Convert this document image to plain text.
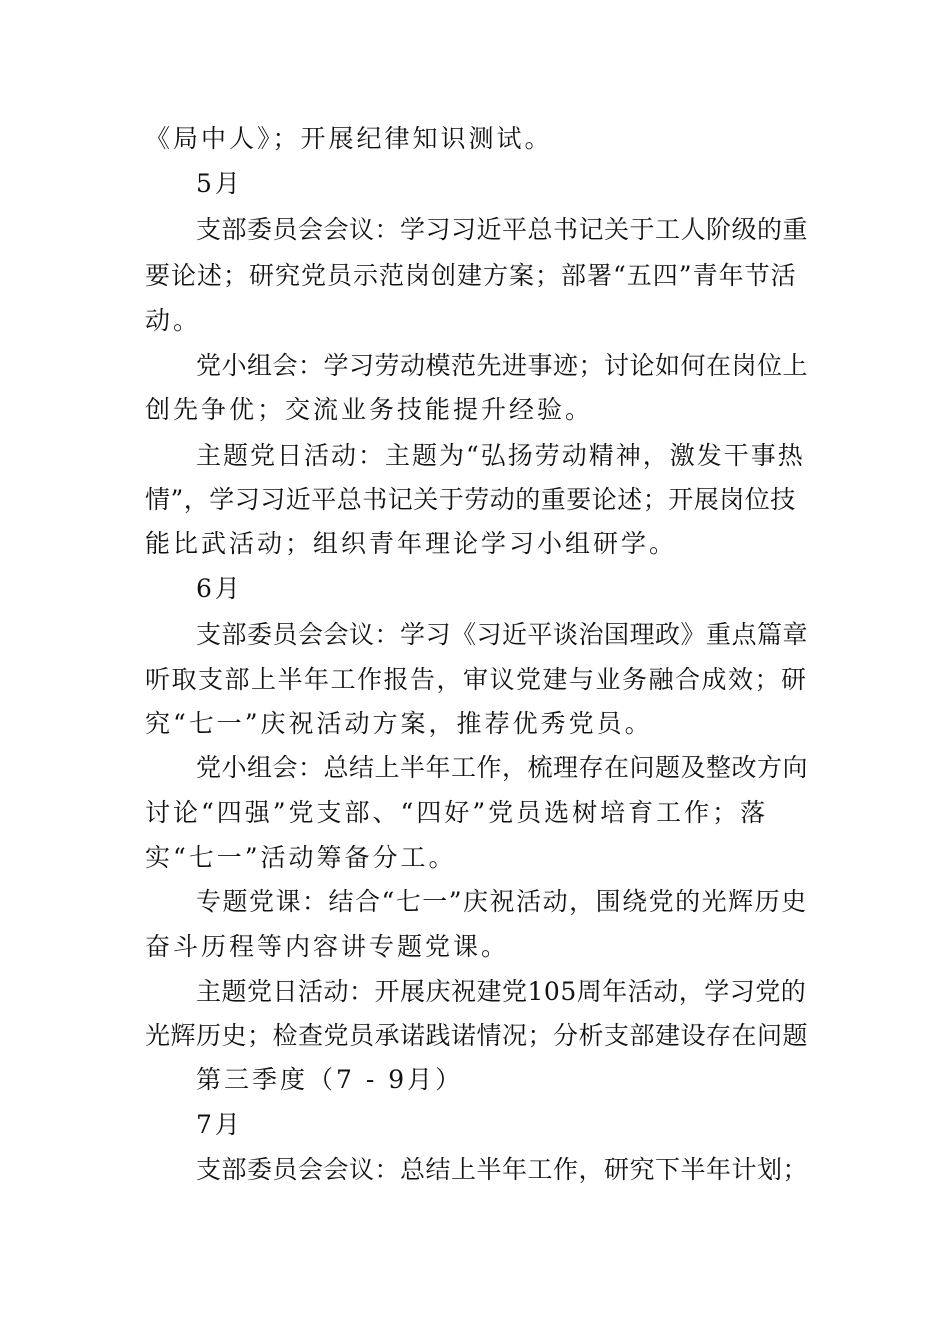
《局中人》；开展纪律知识测试。
5月
支部委员会会议：学习习近平总书记关于工人阶级的重
要论述；研究党员示范岗创建方案；部署“五四”青年节活
动。
党小组会：学习劳动模范先进事迹；讨论如何在岗位上
创先争优；交流业务技能提升经验。
主题党日活动：主题为“弘扬劳动精神，激发干事热
情”，学习习近平总书记关于劳动的重要论述；开展岗位技
能比武活动；组织青年理论学习小组研学。
6月
支部委员会会议：学习《习近平谈治国理政》重点篇章
听取支部上半年工作报告，审议党建与业务融合成效；研
究“七一”庆祝活动方案，推荐优秀党员。
党小组会：总结上半年工作，梳理存在问题及整改方向
讨论“四强”党支部、“四好”党员选树培育工作；落
实“七一”活动筹备分工。
专题党课：结合“七一”庆祝活动，围绕党的光辉历史
奋斗历程等内容讲专题党课。
主题党日活动：开展庆祝建党105周年活动，学习党的
光辉历史；检查党员承诺践诺情况；分析支部建设存在问题
第三季度（7 - 9月）
7月
支部委员会会议：总结上半年工作，研究下半年计划；
